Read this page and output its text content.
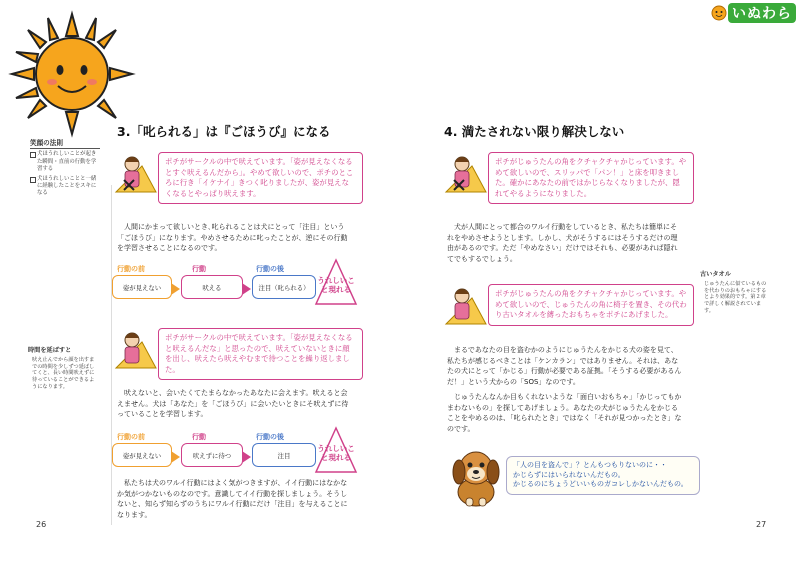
いぬわら
笑顔の法則
犬ほうれしいことが起きた瞬間・直前の行動を学習する
犬ほうれしいことと一緒に経験したことをスキになる
時間を延ばすと
吠え止んでから顔を出すまでの時間を少しずつ延ばしてくと、長い時間吠えずに待っていることができるようになります。
3.「叱られる」は『ごほうび』になる
ポチがサークルの中で吠えています。「姿が見えなくなるとすぐ吠えるんだから」。やめて欲しいので、ポチのところに行き「イケナイ」きつく叱りましたが、姿が見えなくなるとやっぱり吠えます。
人間にかまって欲しいとき､叱られることは犬にとって「注目」という「ごほうび」になります。やめさせるために叱ったことが、逆にその行動を学習させることになるのです。
行動の前	行動	行動の後
姿が見えない	吠える	注目（叱られる）
うれしいこと現れる
ポチがサークルの中で吠えています。「姿が見えなくなると吠えるんだな」と思ったので、吠えていないときに顔を出し、吠えたら吠えやむまで待つことを繰り返しました。
吠えないと、会いたくてたまらなかったあなたに会えます。吠えると会えません。犬は「あなた」を「ごほうび」に会いたいときにそ吠えずに待っていることを学習します。
行動の前	行動	行動の後
姿が見えない	吠えずに待つ	注目
うれしいこと現れる
私たちは犬のワルイ行動にはよく気がつきますが、イイ行動にはなかなか気がつかないものなのです。意識してイイ行動を探しましょう。そうしないと、知らず知らずのうちにワルイ行動にだけ「注目」を与えることになります。
26
4. 満たされない限り解決しない
ポチがじゅうたんの角をクチャクチャかじっています。やめて欲しいので、スリッパで「パン！」と床を叩きました。確かにあなたの前ではかじらなくなりましたが、隠れてやるようになりました。
犬が人間にとって都合のワルイ行動をしているとき、私たちは簡単にそれをやめさせようとします。しかし、犬がそうするにはそうするだけの理由があるのです。ただ「やめなさい」だけではそれも、必要があれば隠れてでもするでしょう。
ポチがじゅうたんの角をクチャクチャかじっています。やめて欲しいので、じゅうたんの角に椅子を置き、その代わり古いタオルを縛ったおもちゃをポチにあげました。
古いタオル
じゅうたんに似ているものを代わりのおもちゃにするとより効果的です。第２章で詳しく解説されています。
まるであなたの目を盗むかのようにじゅうたんをかじる犬の姿を見て、私たちが感じるべきことは「ケンカラン」ではありません。それは、あなたの犬にとって「かじる」行動が必要である証拠。「そうする必要があるんだ！」という犬からの「SOS」なのです。
じゅうたんなんか目もくれないような「面白いおもちゃ」「かじってもかまわないもの」を探してあげましょう。あなたの犬がじゅうたんをかじることをやめるのは、「叱られたとき」ではなく「それが見つかったとき」なのです。
「人の目を盗んで」？とんもつもりないのに・・
かじらずにはいられないんだもの。
かじるのにちょうどいいものガコレしかないんだもの。
27
